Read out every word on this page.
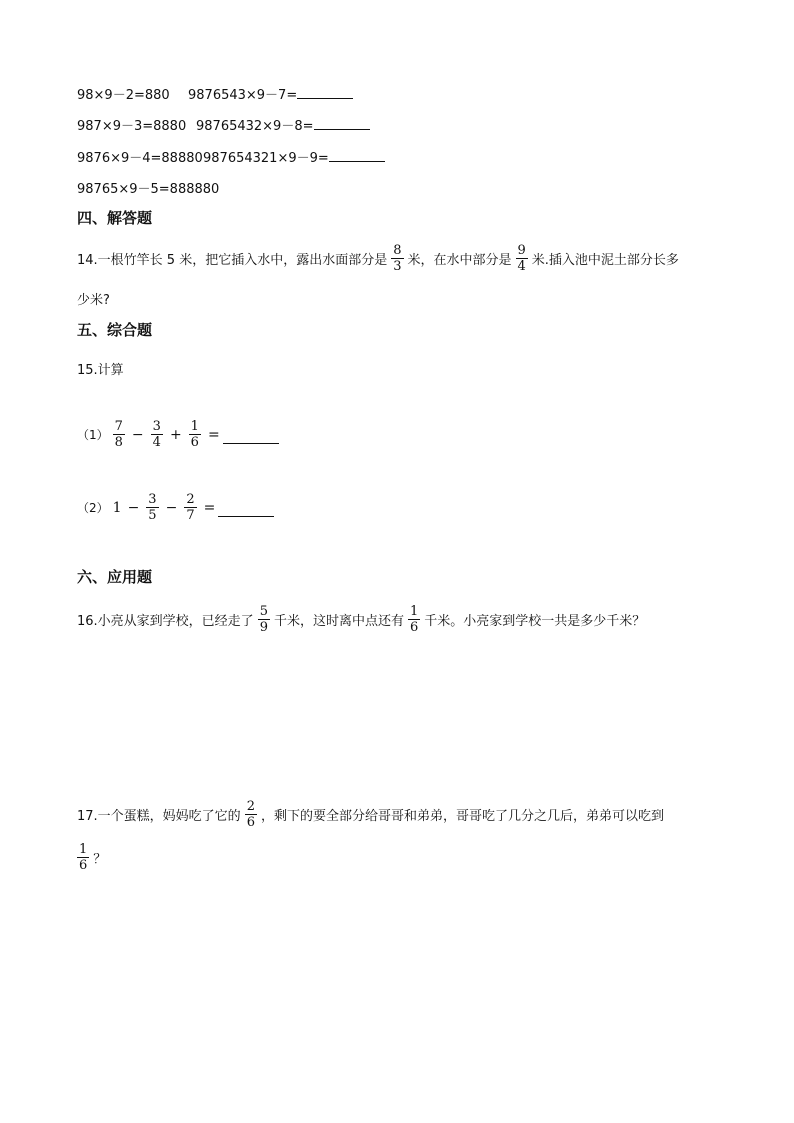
98×9－2=880 9876543×9－7=
987×9－3=8880 98765432×9－8=
9876×9－4=88880 987654321×9－9=
98765×9－5=888880
四、解答题
14.一根竹竿长 5 米，把它插入水中，露出水面部分是 $\frac{8}{3}$ 米，在水中部分是 $\frac{9}{4}$ 米.插入池中泥土部分长多
少米?
五、综合题
15.计算
$(1) \frac{7}{8} - \frac{3}{4} + \frac{1}{6}$ =
（2） $1 - \frac{3}{5} - \frac{2}{7}$ =
六、应用题
16.小亮从家到学校，已经走了 $\frac{5}{9}$ 千米，这时离中点还有 $\frac{1}{6}$ 千米。小亮家到学校一共是多少千米？
17.一个蛋糕，妈妈吃了它的 $\frac{2}{6}$ ，剩下的要全部分给哥哥和弟弟，哥哥吃了几分之几后，弟弟可以吃到
$\frac{1}{6}$ ？
